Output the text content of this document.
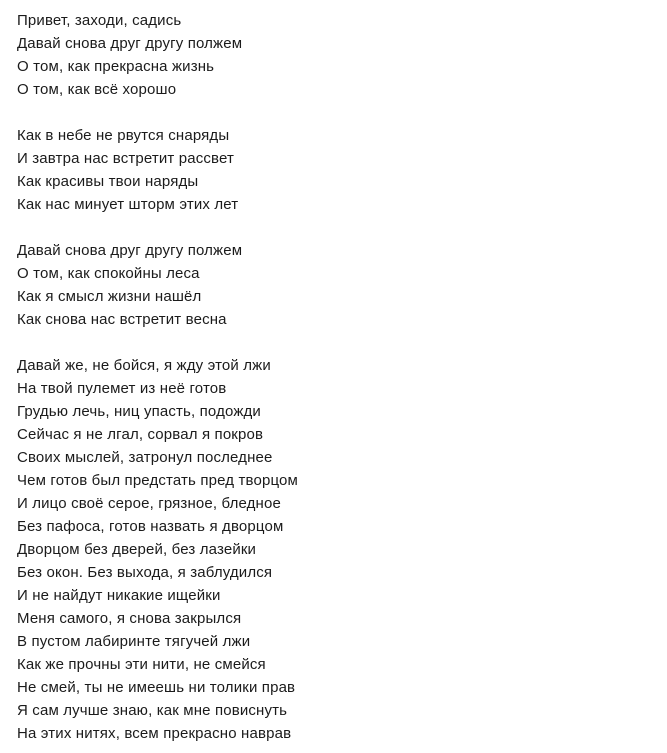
Привет, заходи, садись
Давай снова друг другу полжем
О том, как прекрасна жизнь
О том, как всё хорошо
Как в небе не рвутся снаряды
И завтра нас встретит рассвет
Как красивы твои наряды
Как нас минует шторм этих лет
Давай снова друг другу полжем
О том, как спокойны леса
Как я смысл жизни нашёл
Как снова нас встретит весна
Давай же, не бойся, я жду этой лжи
На твой пулемет из неё готов
Грудью лечь, ниц упасть, подожди
Сейчас я не лгал, сорвал я покров
Своих мыслей, затронул последнее
Чем готов был предстать пред творцом
И лицо своё серое, грязное, бледное
Без пафоса, готов назвать я дворцом
Дворцом без дверей, без лазейки
Без окон. Без выхода, я заблудился
И не найдут никакие ищейки
Меня самого, я снова закрылся
В пустом лабиринте тягучей лжи
Как же прочны эти нити, не смейся
Не смей, ты не имеешь ни толики прав
Я сам лучше знаю, как мне повиснуть
На этих нитях, всем прекрасно наврав
